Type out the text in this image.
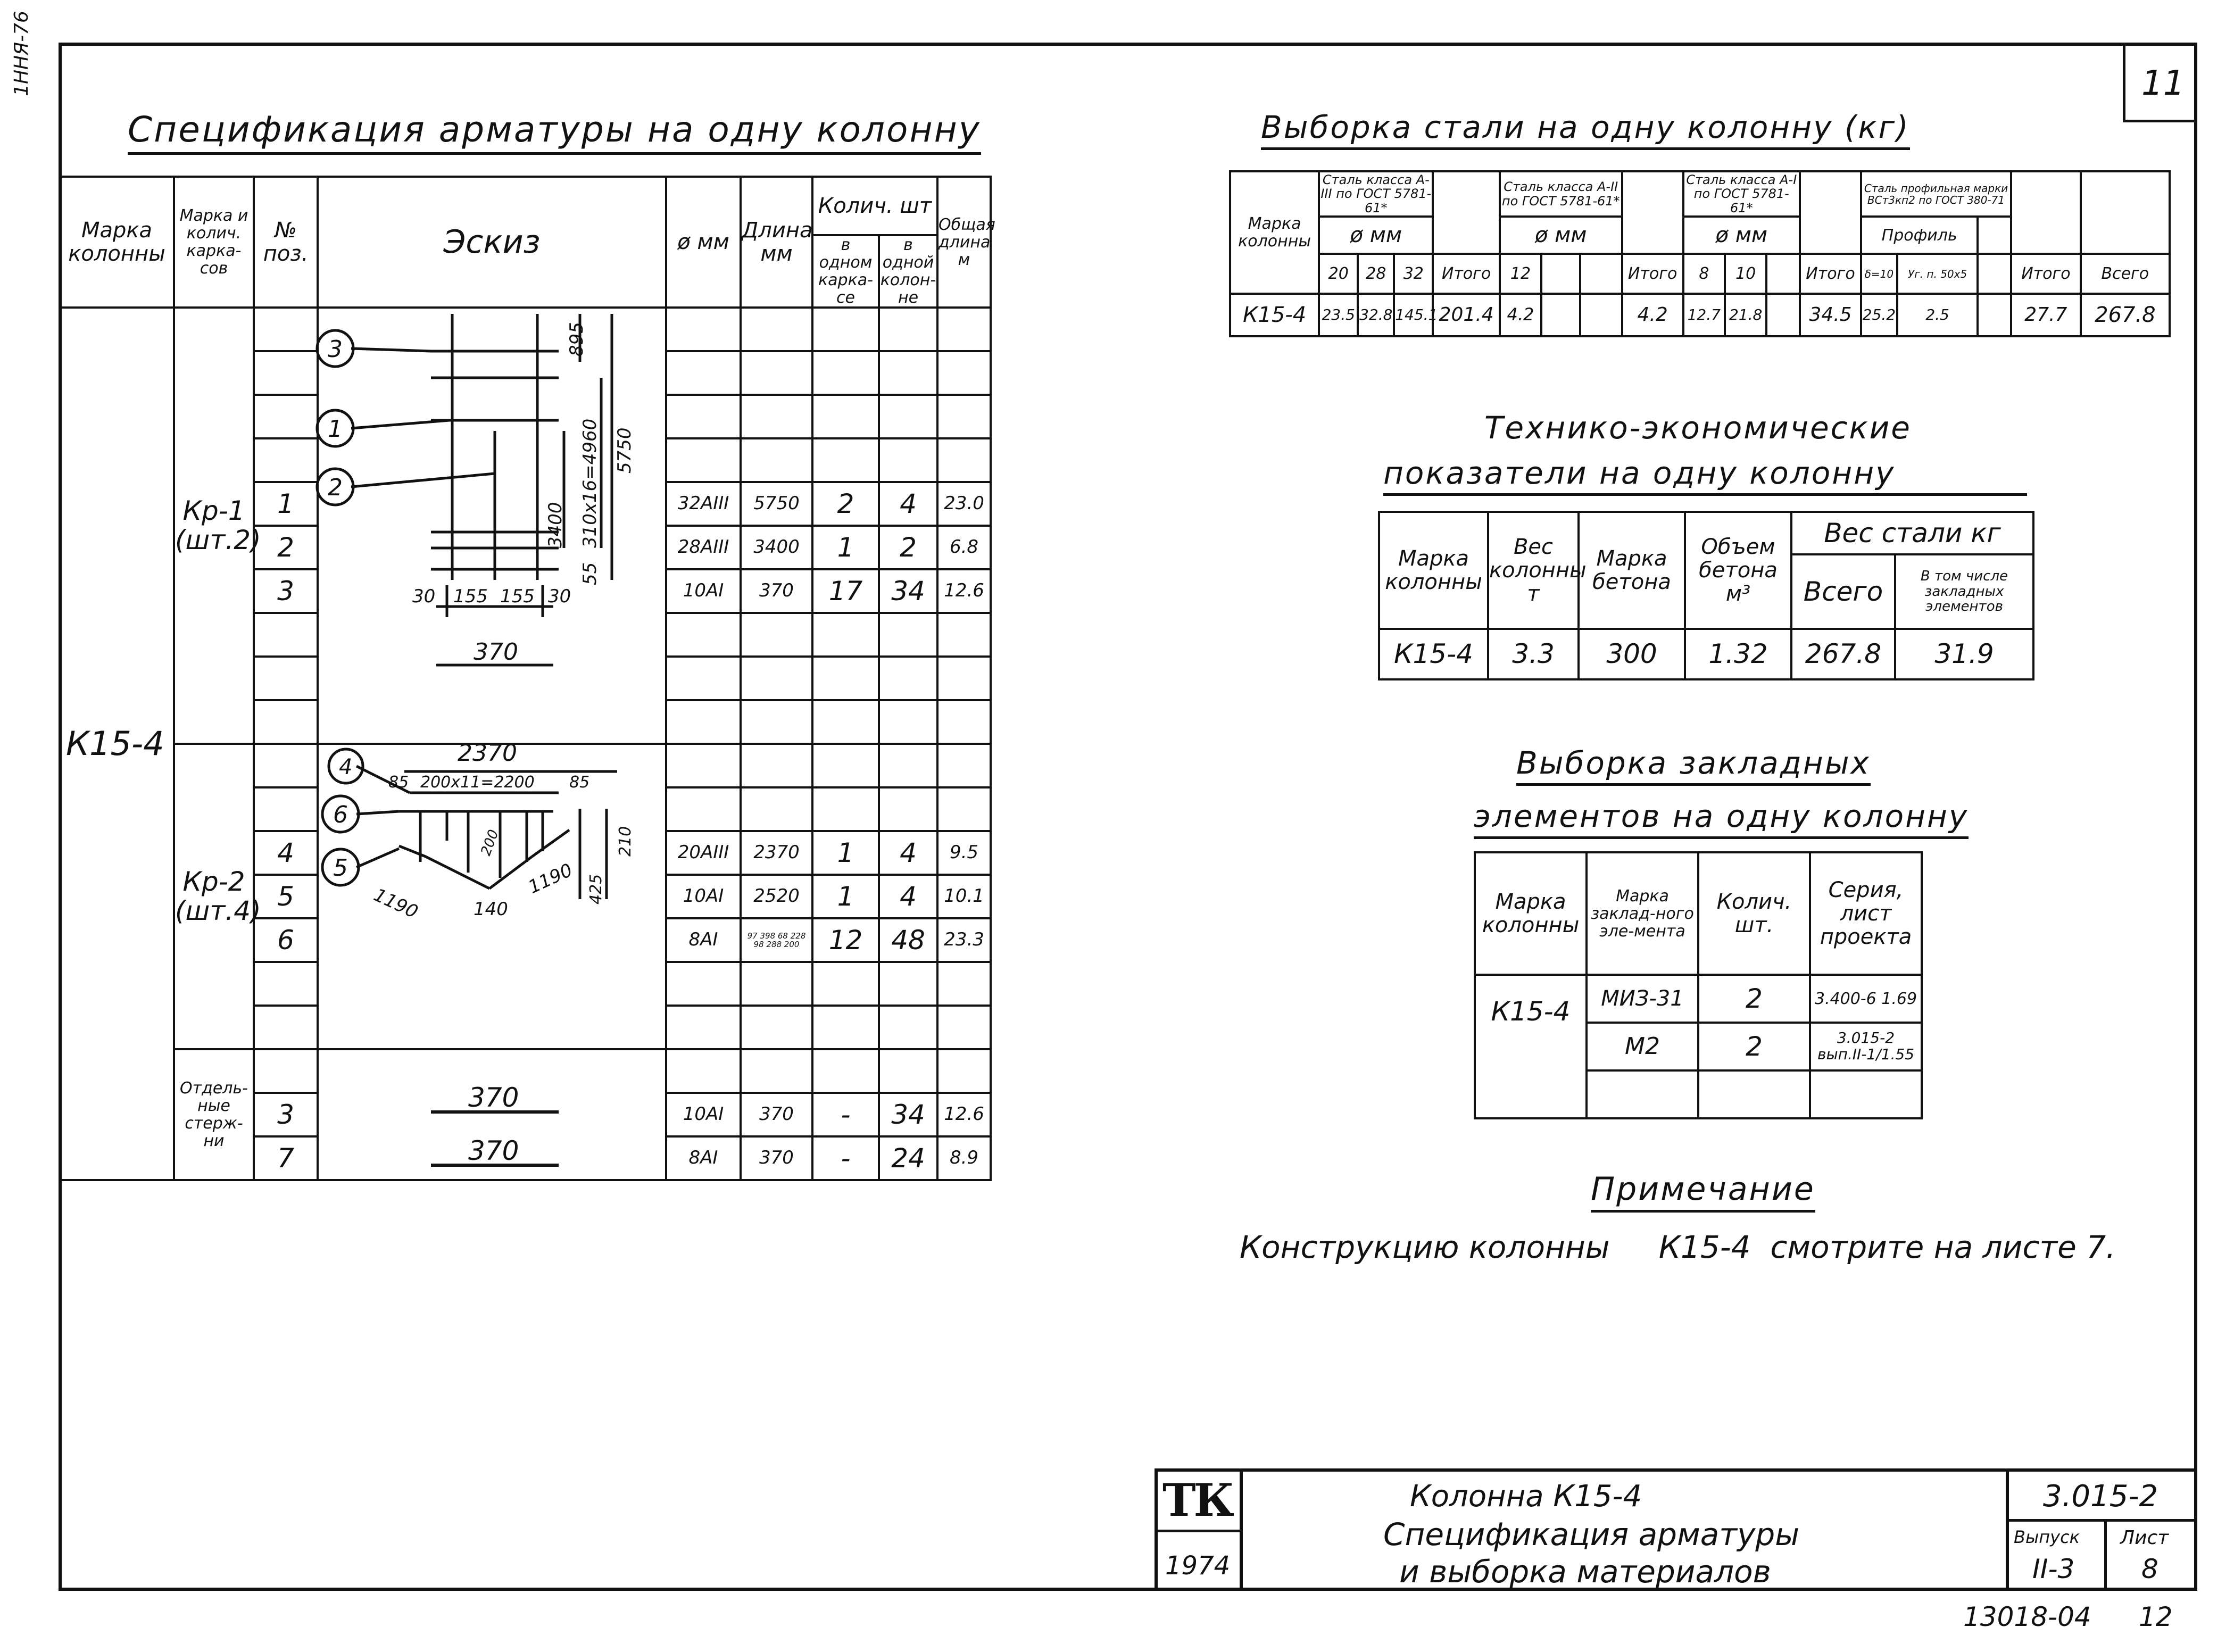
1ННЯ-76	11
Спецификация арматуры на одну колонну
Марка колонны	Марка и колич. карка-сов	№ поз.	Эскиз	ø мм	Длина мм	Колич. шт		Общая длина м
						в одном карка-се	в одной колон-не	
К15-4	Кр-1 (шт.2)							

		1		32АIII	5750	2	4	23.0
		2		28АIII	3400	1	2	6.8
		3		10АI	370	17	34	12.6

	Кр-2 (шт.4)							

		4		20АIII	2370	1	4	9.5
		5		10АI	2520	1	4	10.1
		6		8АI	97 398 68 228 98 288 200	12	48	23.3

	Отдель-ные стерж-ни							
		3		10АI	370	-	34	12.6
		7		8АI	370	-	24	8.9
3
1
2
895
3400 310x16=4960 5750
55
30 155 155 30
370
2370
85 200x11=2200 85
4
6
5
1190	140
1190
210
425
200
370
370
Выборка стали на одну колонну (кг)
Марка колонны	Сталь класса А-III по ГОСТ 5781-61*				Сталь класса А-II по ГОСТ 5781-61*				Сталь класса А-I по ГОСТ 5781-61*				Сталь профильная марки ВСт3кп2 по ГОСТ 380-71				
	ø мм				ø мм				ø мм				Профиль				
	20	28	32	Итого	12			Итого	8	10		Итого	δ=10	Уг. п. 50x5		Итого	Всего
К15-4	23.5	32.8	145.1	201.4	4.2			4.2	12.7	21.8		34.5	25.2	2.5		27.7	267.8
Технико-экономические
показатели на одну колонну
Марка колонны	Вес колонны т	Марка бетона	Объем бетона м³	Вес стали кг	
				Всего	В том числе закладных элементов
К15-4	3.3	300	1.32	267.8	31.9
Выборка закладных
элементов на одну колонну
Марка колонны	Марка заклад-ного эле-мента	Колич. шт.	Серия, лист проекта
К15-4	МИЗ-31	2	3.400-6 1.69
	М2	2	3.015-2 вып.II-1/1.55

Примечание
Конструкцию колонны     К15-4  смотрите на листе 7.
ТК
1974
Колонна К15-4
Спецификация арматуры
и выборка материалов
3.015-2
Выпуск Лист
II-3	8
13018-04 12
